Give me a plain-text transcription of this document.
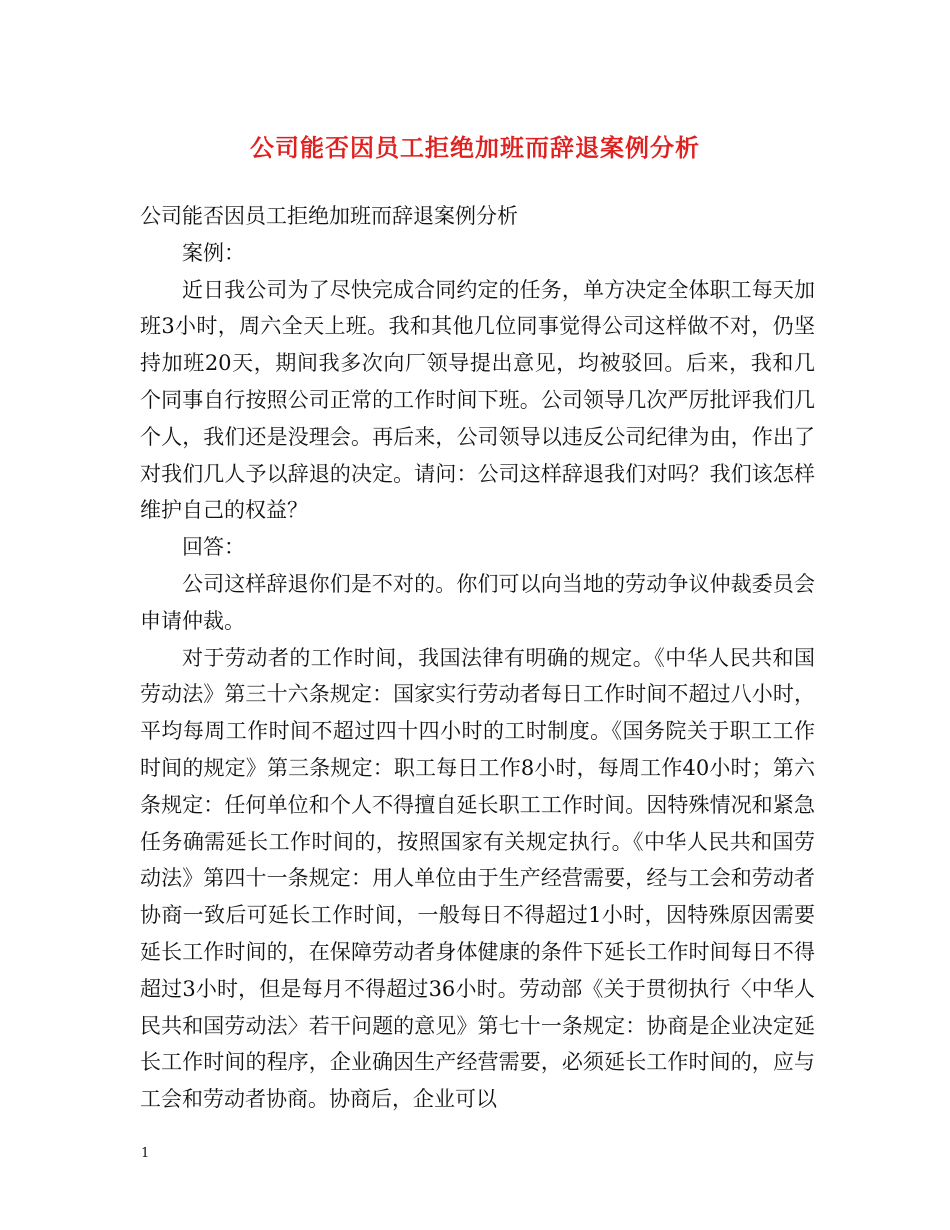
公司能否因员工拒绝加班而辞退案例分析

公司能否因员工拒绝加班而辞退案例分析

案例：

近日我公司为了尽快完成合同约定的任务，单方决定全体职工每天加班3小时，周六全天上班。我和其他几位同事觉得公司这样做不对，仍坚持加班20天，期间我多次向厂领导提出意见，均被驳回。后来，我和几个同事自行按照公司正常的工作时间下班。公司领导几次严厉批评我们几个人，我们还是没理会。再后来，公司领导以违反公司纪律为由，作出了对我们几人予以辞退的决定。请问：公司这样辞退我们对吗？我们该怎样维护自己的权益？

回答：

公司这样辞退你们是不对的。你们可以向当地的劳动争议仲裁委员会申请仲裁。

对于劳动者的工作时间，我国法律有明确的规定。《中华人民共和国劳动法》第三十六条规定：国家实行劳动者每日工作时间不超过八小时，平均每周工作时间不超过四十四小时的工时制度。《国务院关于职工工作时间的规定》第三条规定：职工每日工作8小时，每周工作40小时；第六条规定：任何单位和个人不得擅自延长职工工作时间。因特殊情况和紧急任务确需延长工作时间的，按照国家有关规定执行。《中华人民共和国劳动法》第四十一条规定：用人单位由于生产经营需要，经与工会和劳动者协商一致后可延长工作时间，一般每日不得超过1小时，因特殊原因需要延长工作时间的，在保障劳动者身体健康的条件下延长工作时间每日不得超过3小时，但是每月不得超过36小时。劳动部《关于贯彻执行〈中华人民共和国劳动法〉若干问题的意见》第七十一条规定：协商是企业决定延长工作时间的程序，企业确因生产经营需要，必须延长工作时间的，应与工会和劳动者协商。协商后，企业可以

1
